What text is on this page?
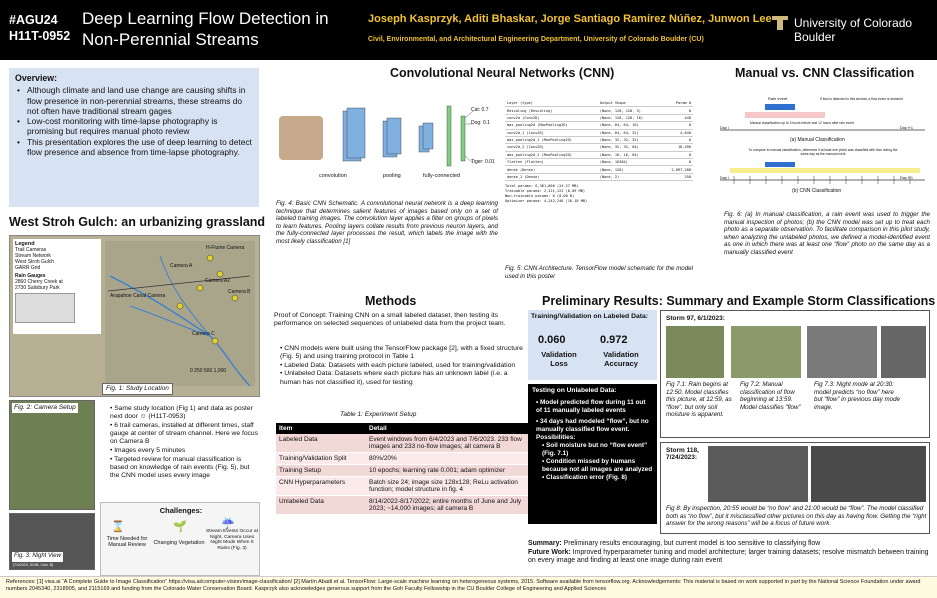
#AGU24
H11T-0952
Deep Learning Flow Detection in
Non-Perennial Streams
Joseph Kasprzyk, Aditi Bhaskar, Jorge Santiago Ramírez Núñez, Junwon Lee
Civil, Environmental, and Architectural Engineering Department, University of Colorado Boulder (CU)
University of Colorado Boulder
Overview:
• Although climate and land use change are causing shifts in flow presence in non-perennial streams, these streams do not often have traditional stream gages
• Low-cost monitoring with time-lapse photography is promising but requires manual photo review
• This presentation explores the use of deep learning to detect flow presence and absence from time-lapse photography.
West Stroh Gulch: an urbanizing grassland
Legend
Trail Cameras
Stream Network
West Stroh Gulch
GARR Grid
Rain Gauges
2860 Cherry Creek at
2730 Salisbury Park
H-Flume Camera
Camera A
Camera A2
Arapahoe Canal Camera
Camera B
Camera C
0 250 500 1,000
Fig. 1: Study Location
Fig. 2: Camera Setup
Fig. 3: Night View
(7/4/2023, 20:55, Cam. B)
• Same study location (Fig 1) and data as poster next door ☺ (H11T-0953)
• 6 trail cameras, installed at different times, staff gauge at center of stream channel. Here we focus on Camera B
• Images every 5 minutes
• Targeted review for manual classification is based on knowledge of rain events (Fig. 5), but the CNN model uses every image
Challenges:
⌛	🌱	☔
Time Needed for Manual Review	Changing Vegetation
Stream Events Occur at Night, Camera Uses Night Mode When It Rains (Fig. 3)
Convolutional Neural Networks (CNN)
Cat: 0.7
Dog: 0.1
Tiger: 0.01
convolution	pooling	fully-connected
Fig. 4: Basic CNN Schematic. A convolutional neural network is a deep learning technique that determines salient features of images based only on a set of labeled training images. The convolution layer applies a filter on groups of pixels to learn features. Pooling layers collate results from previous neuron layers, and the fully-connected layer processes the result, which labels the image with the most likely classification [1]
Layer (type)	Output Shape	Param #
Rescaling (Rescaling)	(None, 128, 128, 3)	0
conv2d (Conv2D)	(None, 128, 128, 16)	448
max_pooling2d (MaxPooling2D)	(None, 64, 64, 16)	0
conv2d_1 (Conv2D)	(None, 64, 64, 32)	4,640
max_pooling2d_1 (MaxPooling2D)	(None, 32, 32, 32)	0
conv2d_2 (Conv2D)	(None, 32, 32, 64)	18,496
max_pooling2d_2 (MaxPooling2D)	(None, 16, 16, 64)	0
flatten (Flatten)	(None, 16384)	0
dense (Dense)	(None, 128)	2,097,280
dense_1 (Dense)	(None, 2)	258
Total params: 6,361,868 (24.27 MB)
Trainable params: 2,121,122 (8.09 MB)
Non-trainable params: 0 (0.00 B)
Optimizer params: 4,242,246 (16.18 MB)
Fig. 5: CNN Architecture. TensorFlow model schematic for the model used in this poster
Manual vs. CNN Classification
Rain event	If flow is detected in this window, a flow event is declared
Manual classification up to 3 hours before and 12 hours after rain event
Day i	Day i+1
(a) Manual Classification
To compare to manual classification, determine if at least one photo was classified with flow during the same day as the manual event
Day i	Day i+1
(b) CNN Classification
Fig. 6: (a) In manual classification, a rain event was used to trigger the manual inspection of photos; (b) the CNN model was set up to treat each photo as a separate observation. To facilitate comparison in this pilot study, when analyzing the unlabeled photos, we defined a model-identified event as one in which there was at least one “flow” photo on the same day as a manually classified event
Methods
Proof of Concept: Training CNN on a small labeled dataset, then testing its performance on selected sequences of unlabeled data from the project team.
• CNN models were built using the TensorFlow package [2], with a fixed structure (Fig. 5) and using training protocol in Table 1
• Labeled Data: Datasets with each picture labeled, used for training/validation
• Unlabeled Data: Datasets where each picture has an unknown label (i.e. a human has not classified it), used for testing
Table 1: Experiment Setup
Item	Detail
Labeled Data	Event windows from 6/4/2023 and 7/6/2023. 233 flow images and 233 no-flow images; all camera B
Training/Validation Split	80%/20%
Training Setup	10 epochs; learning rate 0.001; adam optimizer
CNN Hyperparameters	Batch size 24; image size 128x128; ReLu activation function; model structure in fig. 4
Unlabeled Data	8/14/2022-8/17/2022; entire months of June and July 2023; ~14,000 images; all camera B
Preliminary Results: Summary and Example Storm Classifications
Training/Validation on Labeled Data:
0.060	0.972
Validation Loss
Validation Accuracy
Testing on Unlabeled Data:
• Model predicted flow during 11 out of 11 manually labeled events
• 34 days had modeled “flow”, but no manually classified flow event. Possibilities:
▪ Soil moisture but no “flow event” (Fig. 7.1)
▪ Condition missed by humans because not all images are analyzed
▪ Classification error (Fig. 8)
Storm 97, 6/1/2023:
Fig 7.1: Rain begins at 12:50. Model classifies this picture, at 12:59, as “flow”, but only soil moisture is apparent.
Fig 7.2: Manual classification of flow beginning at 13:59. Model classifies “flow”
Fig 7.3: Night mode at 20:30: model predicts “no flow” here but “flow” in previous day mode image.
Storm 118, 7/24/2023:
Fig 8: By inspection, 20:55 would be “no flow” and 21:00 would be “flow”. The model classified both as “no flow”, but it misclassified other pictures on this day as having flow. Getting the “right answer for the wrong reasons” will be a focus of future work.
Summary: Preliminary results encouraging, but current model is too sensitive to classifying flow
Future Work: Improved hyperparameter tuning and model architecture; larger training datasets; resolve mismatch between training on every image and finding at least one image during rain event
References: [1] visa.ai “A Complete Guide to Image Classification” https://visa.ai/computer-vision/image-classification/ [2] Martín Abadi et al. TensorFlow: Large-scale machine learning on heterogeneous systems, 2015. Software available from tensorflow.org. Acknowledgements: This material is based on work supported in part by the National Science Foundation under award numbers 2045340, 2318905, and 2115169 and funding from the Colorado Water Conservation Board. Kasprzyk also acknowledges generous support from the Goh Faculty Fellowship in the CU Boulder College of Engineering and Applied Sciences
